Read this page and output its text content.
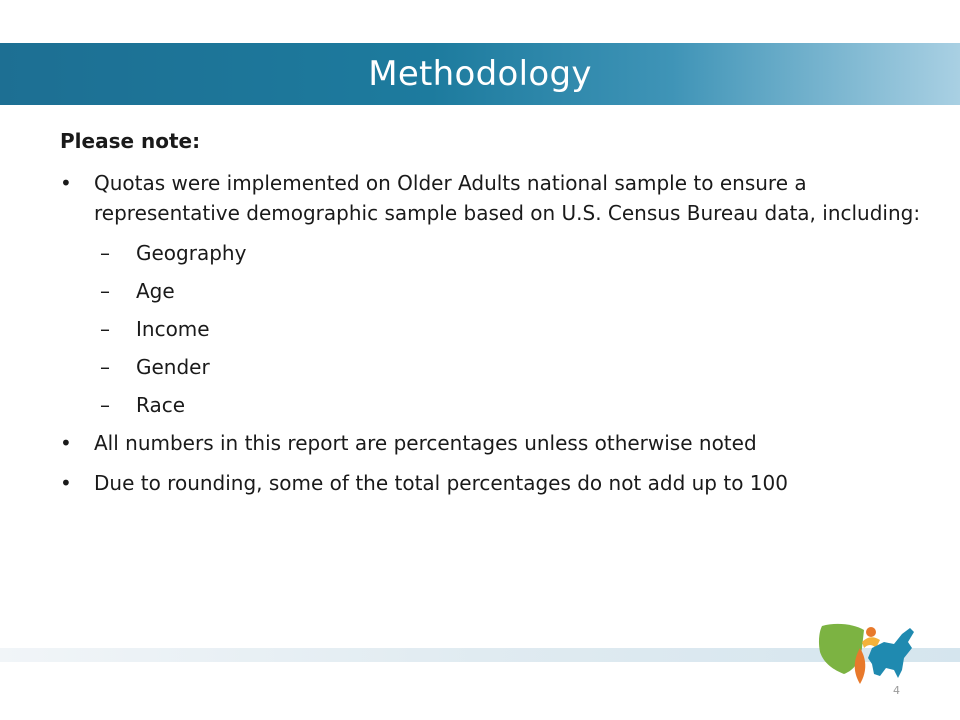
Methodology
Please note:
• Quotas were implemented on Older Adults national sample to ensure a representative demographic sample based on U.S. Census Bureau data, including:
– Geography
– Age
– Income
– Gender
– Race
• All numbers in this report are percentages unless otherwise noted
• Due to rounding, some of the total percentages do not add up to 100
4
